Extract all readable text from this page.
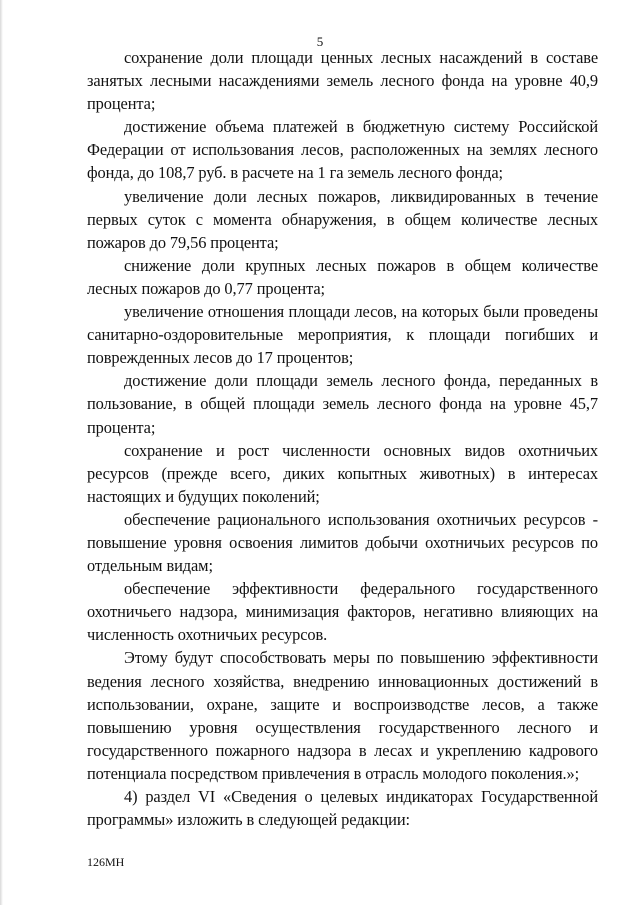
5

сохранение доли площади ценных лесных насаждений в составе занятых лесными насаждениями земель лесного фонда на уровне 40,9 процента;

достижение объема платежей в бюджетную систему Российской Федерации от использования лесов, расположенных на землях лесного фонда, до 108,7 руб. в расчете на 1 га земель лесного фонда;

увеличение доли лесных пожаров, ликвидированных в течение первых суток с момента обнаружения, в общем количестве лесных пожаров до 79,56 процента;

снижение доли крупных лесных пожаров в общем количестве лесных пожаров до 0,77 процента;

увеличение отношения площади лесов, на которых были проведены санитарно-оздоровительные мероприятия, к площади погибших и поврежденных лесов до 17 процентов;

достижение доли площади земель лесного фонда, переданных в пользование, в общей площади земель лесного фонда на уровне 45,7 процента;

сохранение и рост численности основных видов охотничьих ресурсов (прежде всего, диких копытных животных) в интересах настоящих и будущих поколений;

обеспечение рационального использования охотничьих ресурсов - повышение уровня освоения лимитов добычи охотничьих ресурсов по отдельным видам;

обеспечение эффективности федерального государственного охотничьего надзора, минимизация факторов, негативно влияющих на численность охотничьих ресурсов.

Этому будут способствовать меры по повышению эффективности ведения лесного хозяйства, внедрению инновационных достижений в использовании, охране, защите и воспроизводстве лесов, а также повышению уровня осуществления государственного лесного и государственного пожарного надзора в лесах и укреплению кадрового потенциала посредством привлечения в отрасль молодого поколения.»;

4) раздел VI «Сведения о целевых индикаторах Государственной программы» изложить в следующей редакции:

126МН
